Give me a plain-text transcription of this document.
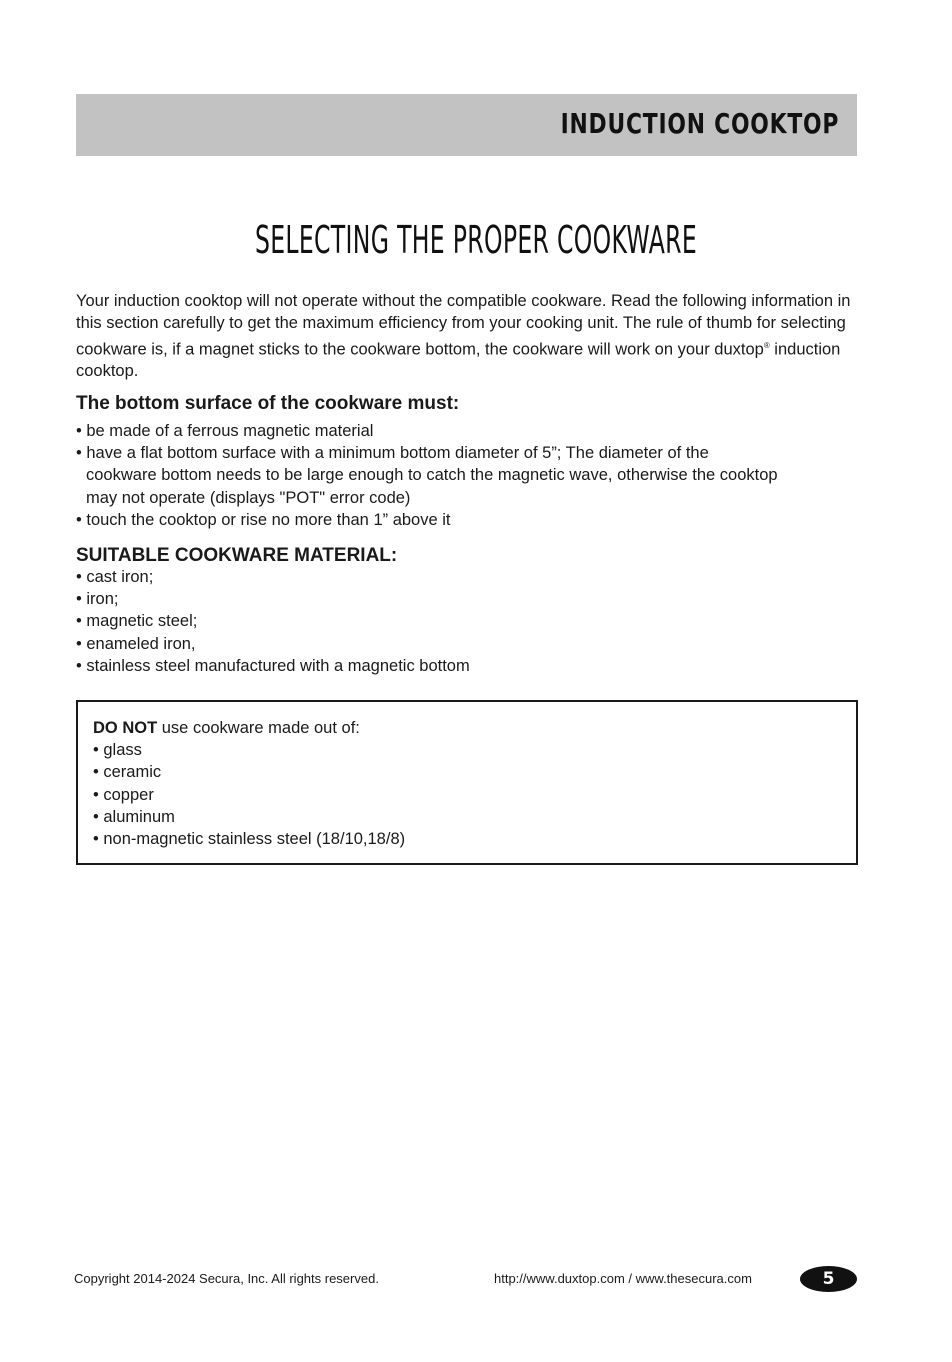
INDUCTION COOKTOP
SELECTING THE PROPER COOKWARE

Your induction cooktop will not operate without the compatible cookware. Read the following information in this section carefully to get the maximum efficiency from your cooking unit. The rule of thumb for selecting cookware is, if a magnet sticks to the cookware bottom, the cookware will work on your duxtop® induction cooktop.

The bottom surface of the cookware must:
• be made of a ferrous magnetic material
• have a flat bottom surface with a minimum bottom diameter of 5”; The diameter of the
cookware bottom needs to be large enough to catch the magnetic wave, otherwise the cooktop
may not operate (displays "POT" error code)
• touch the cooktop or rise no more than 1” above it
SUITABLE COOKWARE MATERIAL:
• cast iron;
• iron;
• magnetic steel;
• enameled iron,
• stainless steel manufactured with a magnetic bottom
DO NOT use cookware made out of:
• glass
• ceramic
• copper
• aluminum
• non-magnetic stainless steel (18/10,18/8)
Copyright 2014-2024 Secura, Inc. All rights reserved.	http://www.duxtop.com / www.thesecura.com	5
